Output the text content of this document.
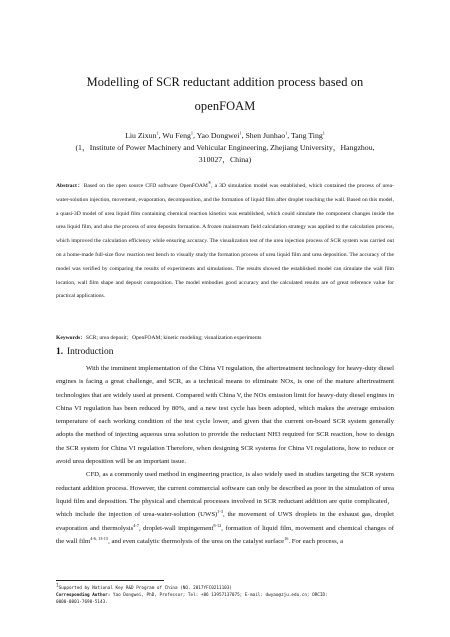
Modelling of SCR reductant addition process based on
openFOAM
Liu Zixun$^1$, Wu Feng$^1$, Yao Dongwei$^1$, Shen Junhao$^1$, Tang Ting$^1$
(1，Institute of Power Machinery and Vehicular Engineering, Zhejiang University，Hangzhou,
310027，China)
Abstract：Based on the open source CFD software OpenFOAM®, a 3D simulation model was established, which contained the process of urea-water-solution injection, movement, evaporation, decomposition, and the formation of liquid film after droplet touching the wall. Based on this model, a quasi-3D model of urea liquid film containing chemical reaction kinetics was established, which could simulate the component changes inside the urea liquid film, and also the process of urea deposits formation. A frozen mainstream field calculation strategy was applied to the calculation process, which improved the calculation efficiency while ensuring accuracy. The visualization test of the urea injection process of SCR system was carried out on a home-made full-size flow reaction test bench to visually study the formation process of urea liquid film and urea deposition. The accuracy of the model was verified by comparing the results of experiments and simulations. The results showed the established model can simulate the wall film location, wall film shape and deposit composition. The model embodies good accuracy and the calculated results are of great reference value for practical applications.
Keywords：SCR; urea deposit；OpenFOAM; kinetic modeling; visualization experiments
1. Introduction

With the imminent implementation of the China VI regulation, the aftertreatment technology for heavy-duty diesel engines is facing a great challenge, and SCR, as a technical means to eliminate NOx, is one of the mature aftertreatment technologies that are widely used at present. Compared with China V, the NOx emission limit for heavy-duty diesel engines in China VI regulation has been reduced by 80%, and a new test cycle has been adopted, which makes the average emission temperature of each working condition of the test cycle lower, and given that the current on-board SCR system generally adopts the method of injecting aqueous urea solution to provide the reductant NH3 required for SCR reaction, how to design the SCR system for China VI regulation Therefore, when designing SCR systems for China VI regulations, how to reduce or avoid urea deposition will be an important issue.

CFD, as a commonly used method in engineering practice, is also widely used in studies targeting the SCR system reductant addition process. However, the current commercial software can only be described as poor in the simulation of urea liquid film and deposition. The physical and chemical processes involved in SCR reductant addition are quite complicated，which include the injection of urea-water-solution (UWS)$^{1-3}$, the movement of UWS droplets in the exhaust gas, droplet evaporation and thermolysis$^{4-7}$, droplet-wall impingement$^{8-12}$, formation of liquid film, movement and chemical changes of the wall film$^{4-6, 13-15}$, and even catalytic thermolysis of the urea on the catalyst surface$^{16}$. For each process, a

$^1$Supported by National Key R&D Program of China (NO. 2017YFC0211103)
Corresponding Author: Yao Dongwei, PhD, Professor; Tel: +86 13957137075; E-mail: dwyao@zju.edu.cn; ORCID:
0000-0001-7698-5143.
